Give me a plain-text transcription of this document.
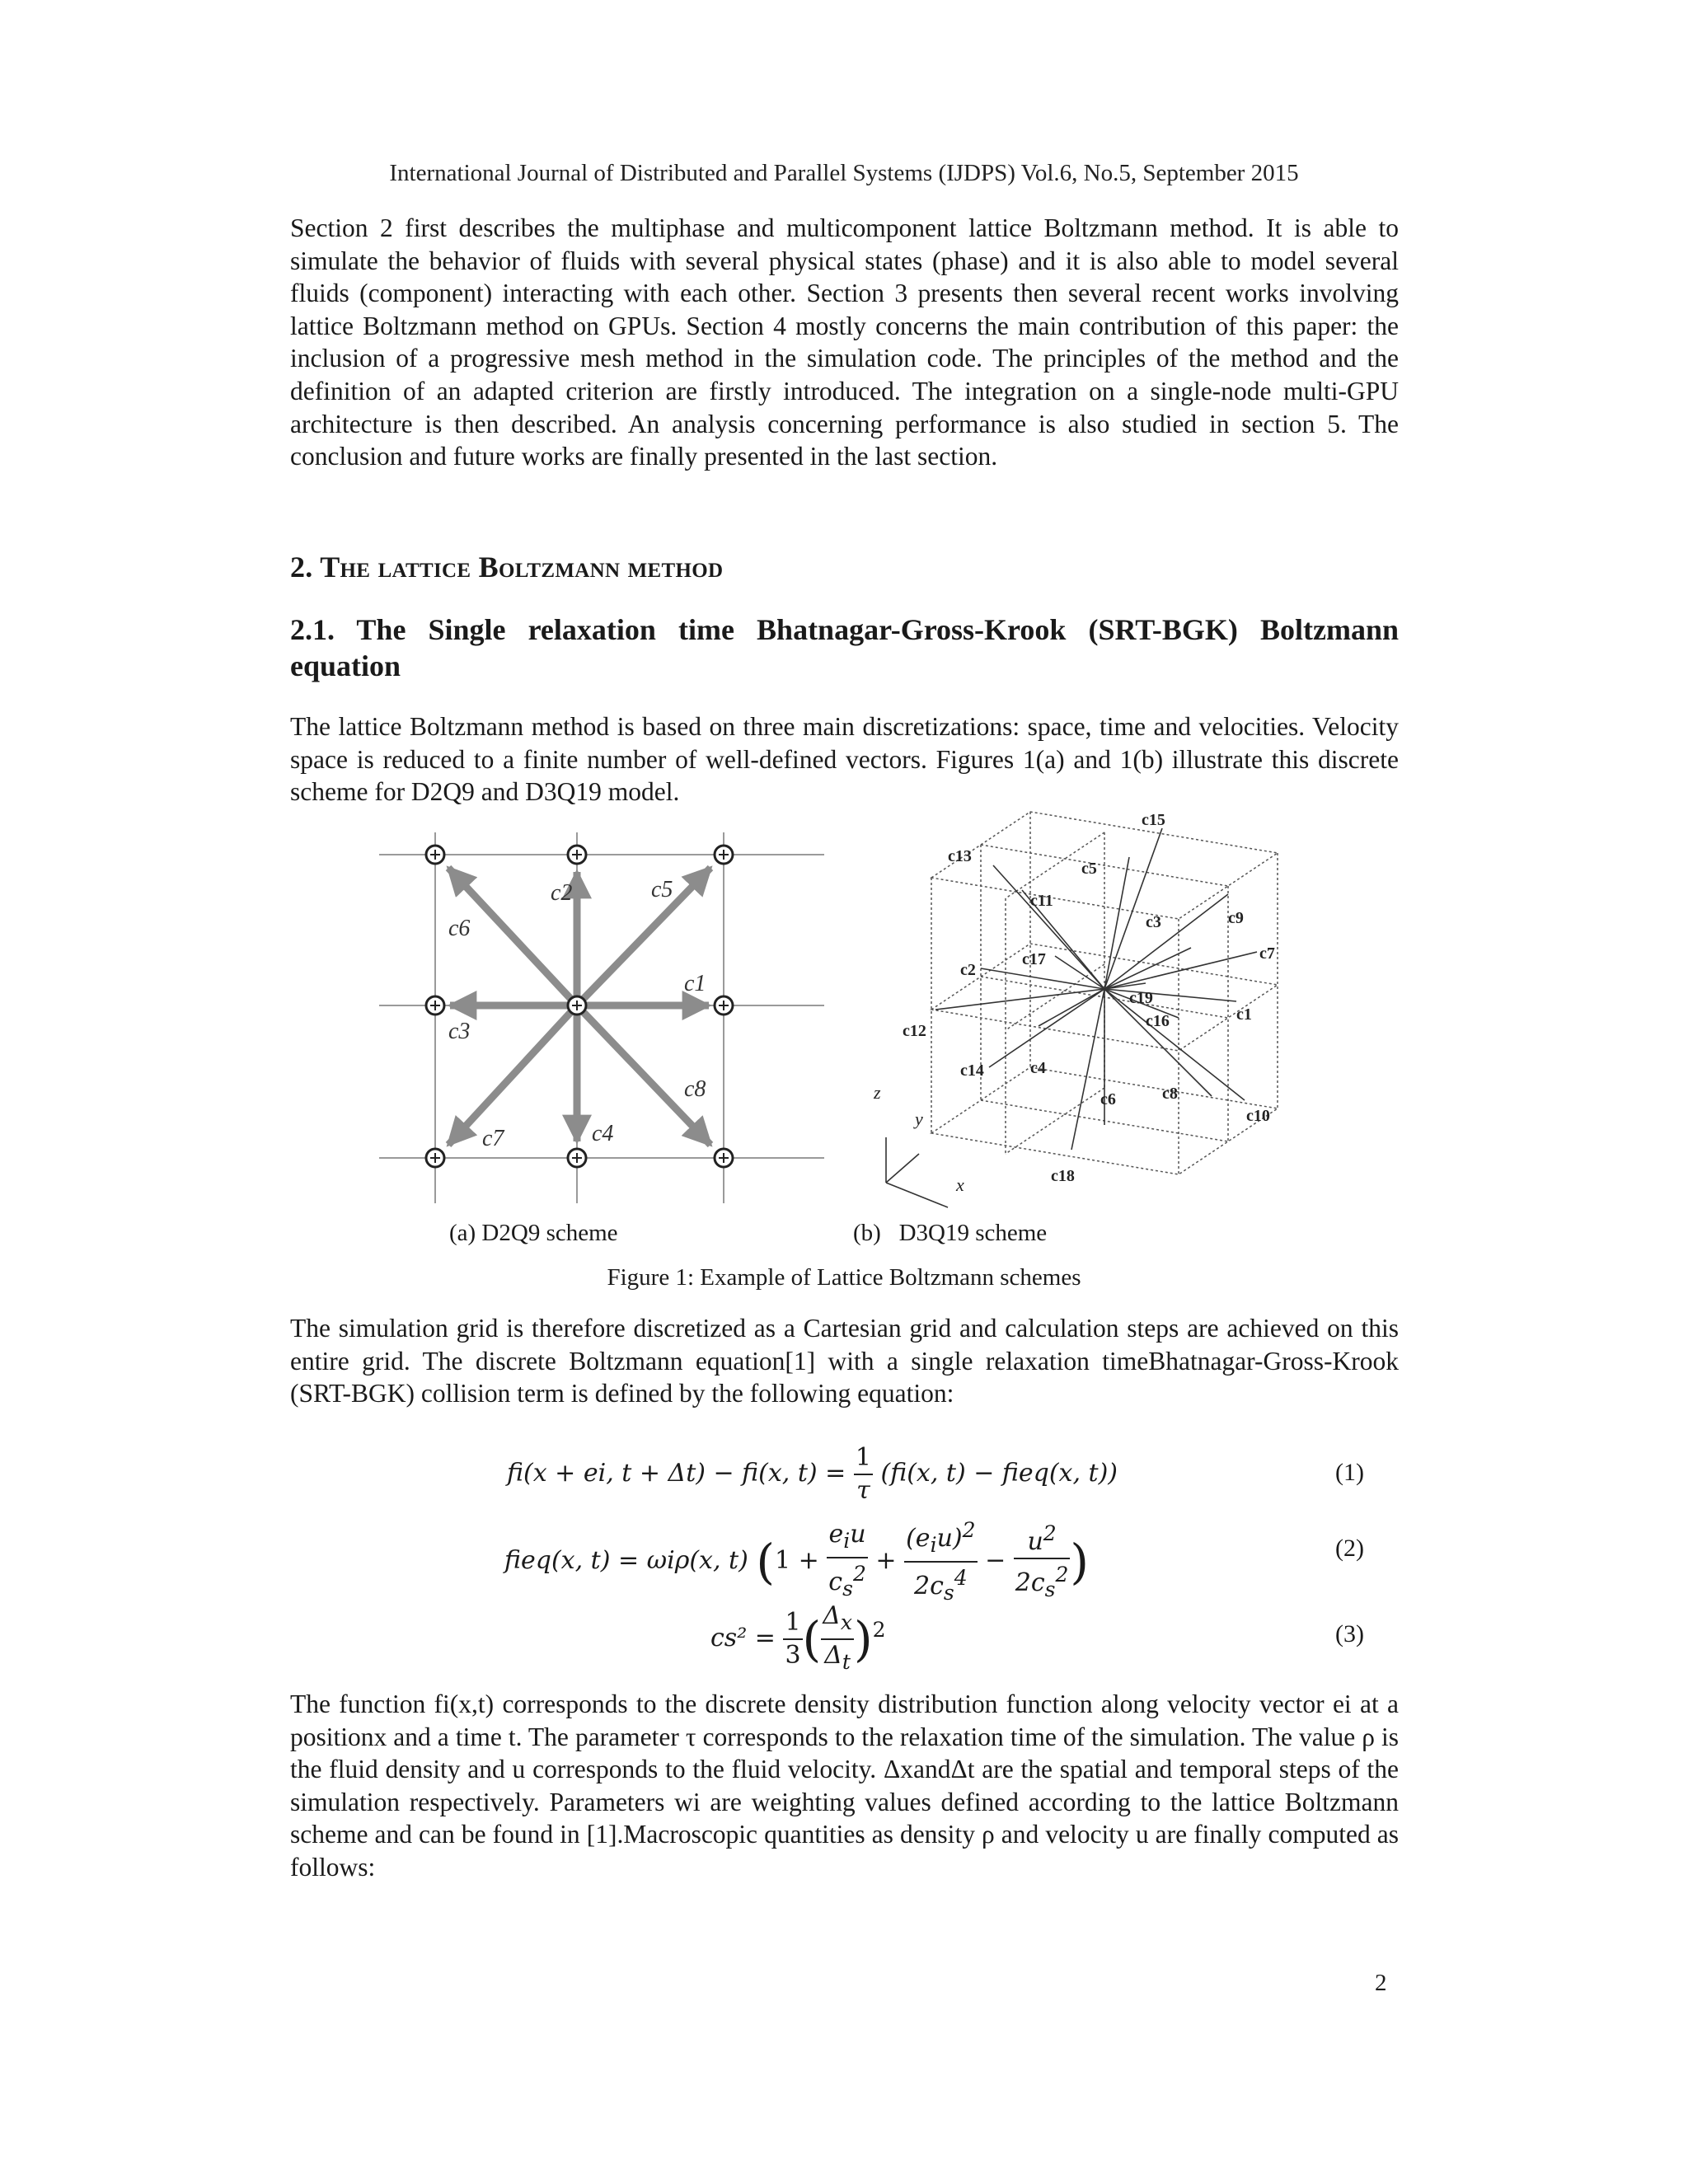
International Journal of Distributed and Parallel Systems (IJDPS) Vol.6, No.5, September 2015
Section 2 first describes the multiphase and multicomponent lattice Boltzmann method. It is able to simulate the behavior of fluids with several physical states (phase) and it is also able to model several fluids (component) interacting with each other. Section 3 presents then several recent works involving lattice Boltzmann method on GPUs. Section 4 mostly concerns the main contribution of this paper: the inclusion of a progressive mesh method in the simulation code. The principles of the method and the definition of an adapted criterion are firstly introduced. The integration on a single-node multi-GPU architecture is then described. An analysis concerning performance is also studied in section 5. The conclusion and future works are finally presented in the last section.
2. The lattice Boltzmann method
2.1. The Single relaxation time Bhatnagar-Gross-Krook (SRT-BGK) Boltzmann equation
The lattice Boltzmann method is based on three main discretizations: space, time and velocities. Velocity space is reduced to a finite number of well-defined vectors. Figures 1(a) and 1(b) illustrate this discrete scheme for D2Q9 and D3Q19 model.
c1
c2
c3
c4
c5
c6
c7
c8
c1
c2
c3
c4
c5
c6
c7
c8
c9
c10
c11
c12
c13
c14
c15
c16
c17
c18
c19
x
y
z
(a) D2Q9 scheme	(b)   D3Q19 scheme
Figure 1: Example of Lattice Boltzmann schemes
The simulation grid is therefore discretized as a Cartesian grid and calculation steps are achieved on this entire grid. The discrete Boltzmann equation[1] with a single relaxation timeBhatnagar-Gross-Krook (SRT-BGK) collision term is defined by the following equation:
fi(x + ei, t + Δt) − fi(x, $t) = \frac{1}{\tau} (fi(x$, t) − fieq(x, t))	(1)
fieq(x, t) = ωiρ(x, t) ($1 + \frac{e_iu}{c_s^2} + \frac{(e_iu)^2}{2c_s^4} - \frac{u^2}{2c_s^2}$ )	(2)
$cs^2 = \frac{1}{3}$ ( $\frac{\Delta_x}{\Delta_t} )^2$	(3)
The function fi(x,t) corresponds to the discrete density distribution function along velocity vector ei at a positionx and a time t. The parameter τ corresponds to the relaxation time of the simulation. The value ρ is the fluid density and u corresponds to the fluid velocity. ΔxandΔt are the spatial and temporal steps of the simulation respectively. Parameters wi are weighting values defined according to the lattice Boltzmann scheme and can be found in [1].Macroscopic quantities as density ρ and velocity u are finally computed as follows:
2
